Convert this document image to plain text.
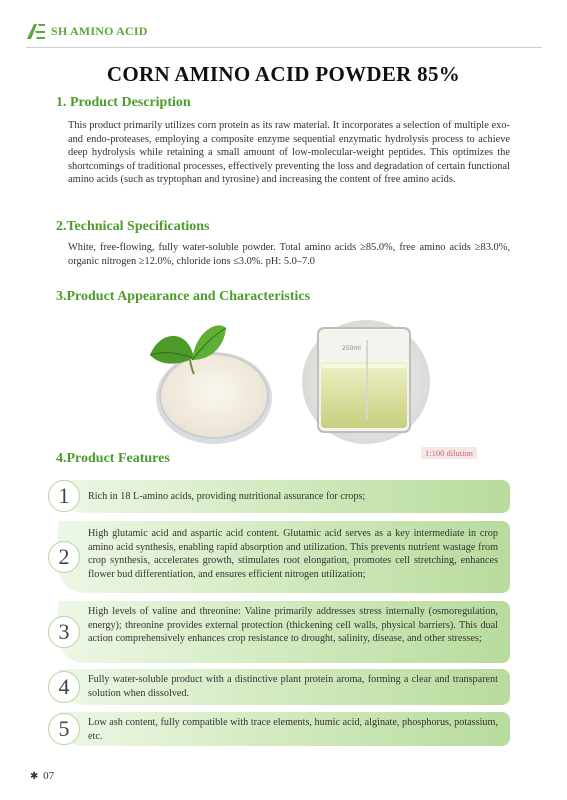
SH AMINO ACID
CORN AMINO ACID POWDER 85%
1. Product Description
This product primarily utilizes corn protein as its raw material. It incorporates a selection of multiple exo- and endo-proteases, employing a composite enzyme sequential enzymatic hydrolysis process to achieve deep hydrolysis while retaining a small amount of low-molecular-weight peptides. This optimizes the shortcomings of traditional processes, effectively preventing the loss and degradation of certain functional amino acids (such as tryptophan and tyrosine) and increasing the content of free amino acids.
2.Technical Specifications
White, free-flowing, fully water-soluble powder. Total amino acids ≥85.0%, free amino acids ≥83.0%, organic nitrogen ≥12.0%, chloride ions ≤3.0%. pH: 5.0–7.0
3.Product Appearance and Characteristics
250ml
1:100 dilution
4.Product Features
1	Rich in 18 L-amino acids, providing nutritional assurance for crops;
2
High glutamic acid and aspartic acid content. Glutamic acid serves as a key intermediate in crop amino acid synthesis, enabling rapid absorption and utilization. This prevents nutrient wastage from crop synthesis, accelerates growth, stimulates root elongation, promotes cell stretching, enhances flower bud differentiation, and ensures efficient nitrogen utilization;
3
High levels of valine and threonine: Valine primarily addresses stress internally (osmoregulation, energy); threonine provides external protection (thickening cell walls, physical barriers). This dual action comprehensively enhances crop resistance to drought, salinity, disease, and other stresses;
4	Fully water-soluble product with a distinctive plant protein aroma, forming a clear and transparent solution when dissolved.
5	Low ash content, fully compatible with trace elements, humic acid, alginate, phosphorus, potassium, etc.
✱ 07
